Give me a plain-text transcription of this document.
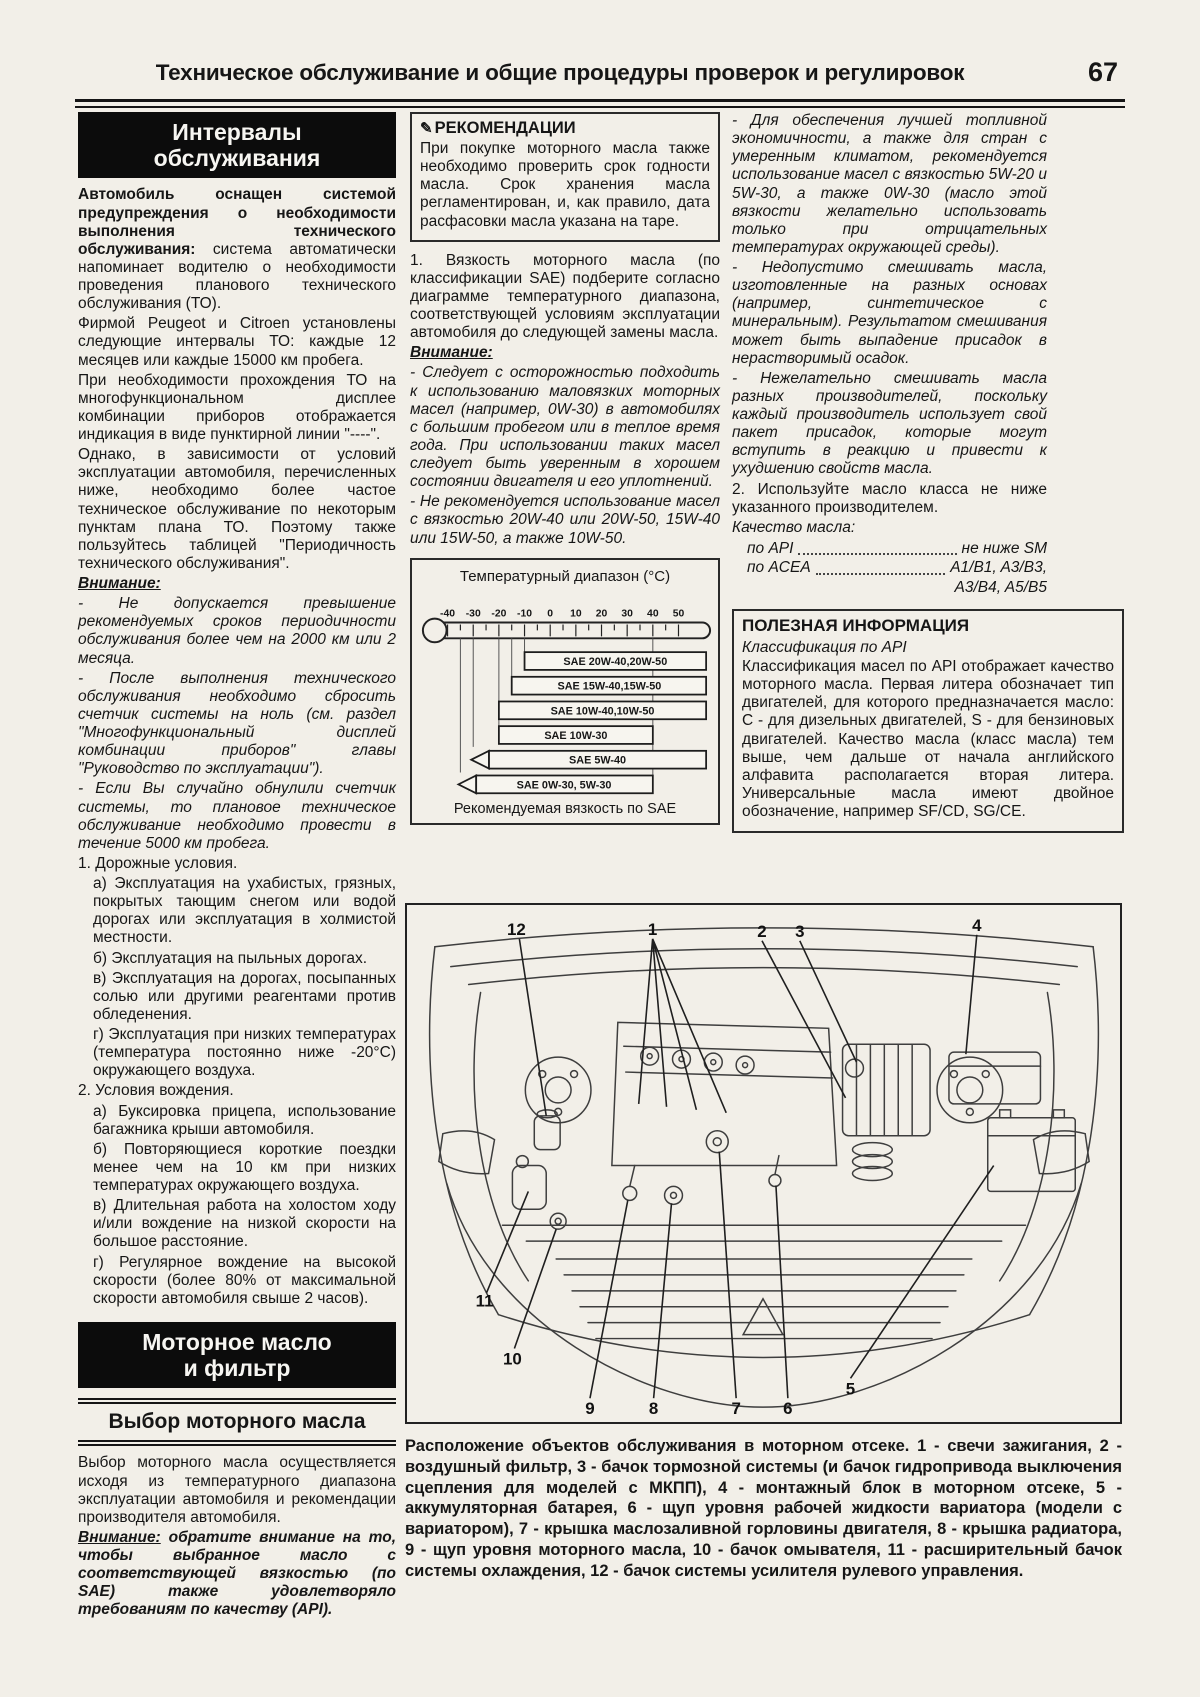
Техническое обслуживание и общие процедуры проверок и регулировок	67
Интервалы
обслуживания

Автомобиль оснащен системой предупреждения о необходимости выполнения технического обслуживания: система автоматически напоминает водителю о необходимости проведения планового технического обслуживания (ТО).

Фирмой Peugeot и Citroen установлены следующие интервалы ТО: каждые 12 месяцев или каждые 15000 км пробега.

При необходимости прохождения ТО на многофункциональном дисплее комбинации приборов отображается индикация в виде пунктирной линии "----".

Однако, в зависимости от условий эксплуатации автомобиля, перечисленных ниже, необходимо более частое техническое обслуживание по некоторым пунктам плана ТО. Поэтому также пользуйтесь таблицей "Периодичность технического обслуживания".

Внимание:

- Не допускается превышение рекомендуемых сроков периодичности обслуживания более чем на 2000 км или 2 месяца.

- После выполнения технического обслуживания необходимо сбросить счетчик системы на ноль (см. раздел "Многофункциональный дисплей комбинации приборов" главы "Руководство по эксплуатации").

- Если Вы случайно обнулили счетчик системы, то плановое техническое обслуживание необходимо провести в течение 5000 км пробега.

1. Дорожные условия.

а) Эксплуатация на ухабистых, грязных, покрытых тающим снегом или водой дорогах или эксплуатация в холмистой местности.

б) Эксплуатация на пыльных дорогах.

в) Эксплуатация на дорогах, посыпанных солью или другими реагентами против обледенения.

г) Эксплуатация при низких температурах (температура постоянно ниже -20°C) окружающего воздуха.

2. Условия вождения.

а) Буксировка прицепа, использование багажника крыши автомобиля.

б) Повторяющиеся короткие поездки менее чем на 10 км при низких температурах окружающего воздуха.

в) Длительная работа на холостом ходу и/или вождение на низкой скорости на большое расстояние.

г) Регулярное вождение на высокой скорости (более 80% от максимальной скорости автомобиля свыше 2 часов).

Моторное масло
и фильтр
Выбор моторного масла

Выбор моторного масла осуществляется исходя из температурного диапазона эксплуатации автомобиля и рекомендации производителя автомобиля.

Внимание: обратите внимание на то, чтобы выбранное масло с соответствующей вязкостью (по SAE) также удовлетворяло требованиям по качеству (API).

✎ РЕКОМЕНДАЦИИ

При покупке моторного масла также необходимо проверить срок годности масла. Срок хранения масла регламентирован, и, как правило, дата расфасовки масла указана на таре.

1. Вязкость моторного масла (по классификации SAE) подберите согласно диаграмме температурного диапазона, соответствующей условиям эксплуатации автомобиля до следующей замены масла.

Внимание:

- Следует с осторожностью подходить к использованию маловязких моторных масел (например, 0W-30) в автомобилях с большим пробегом или в теплое время года. При использовании таких масел следует быть уверенным в хорошем состоянии двигателя и его уплотнений.

- Не рекомендуется использование масел с вязкостью 20W-40 или 20W-50, 15W-40 или 15W-50, а также 10W-50.

Температурный диапазон (°C)
-40 -30 -20 -10 0 10 20 30 40 50
SAE 20W-40,20W-50
SAE 15W-40,15W-50
SAE 10W-40,10W-50
SAE 10W-30
SAE 5W-40
SAE 0W-30, 5W-30
Рекомендуемая вязкость по SAE

- Для обеспечения лучшей топливной экономичности, а также для стран с умеренным климатом, рекомендуется использование масел с вязкостью 5W-20 и 5W-30, а также 0W-30 (масло этой вязкости желательно использовать только при отрицательных температурах окружающей среды).

- Недопустимо смешивать масла, изготовленные на разных основах (например, синтетическое с минеральным). Результатом смешивания может быть выпадение присадок в нерастворимый осадок.

- Нежелательно смешивать масла разных производителей, поскольку каждый производитель использует свой пакет присадок, которые могут вступить в реакцию и привести к ухудшению свойств масла.

2. Используйте масло класса не ниже указанного производителем.

Качество масла:

по API	не ниже SM
по ACEA	A1/B1, A3/B3,
A3/B4, A5/B5

ПОЛЕЗНАЯ ИНФОРМАЦИЯ

Классификация по API

Классификация масел по API отображает качество моторного масла. Первая литера обозначает тип двигателей, для которого предназначается масло: C - для дизельных двигателей, S - для бензиновых двигателей. Качество масла (класс масла) тем выше, чем дальше от начала английского алфавита располагается вторая литера. Универсальные масла имеют двойное обозначение, например SF/CD, SG/CE.

12	1	2 3	4
11
10
9	8	7 6
5
Расположение объектов обслуживания в моторном отсеке. 1 - свечи зажигания, 2 - воздушный фильтр, 3 - бачок тормозной системы (и бачок гидропривода выключения сцепления для моделей с МКПП), 4 - монтажный блок в моторном отсеке, 5 - аккумуляторная батарея, 6 - щуп уровня рабочей жидкости вариатора (модели с вариатором), 7 - крышка маслозаливной горловины двигателя, 8 - крышка радиатора, 9 - щуп уровня моторного масла, 10 - бачок омывателя, 11 - расширительный бачок системы охлаждения, 12 - бачок системы усилителя рулевого управления.
